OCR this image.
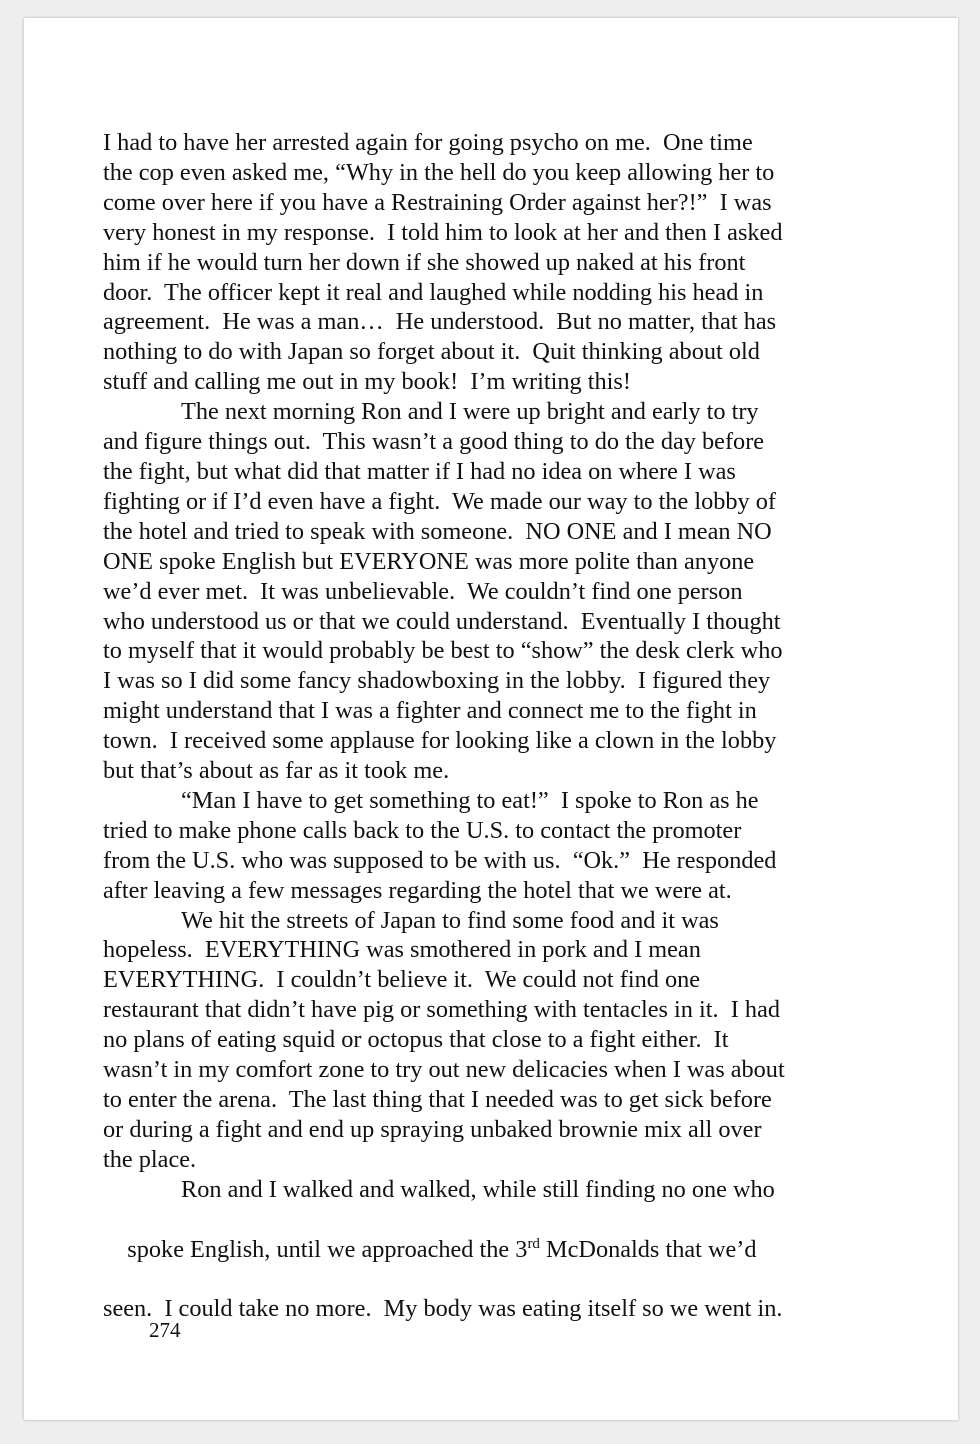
I had to have her arrested again for going psycho on me.  One time
the cop even asked me, “Why in the hell do you keep allowing her to
come over here if you have a Restraining Order against her?!”  I was
very honest in my response.  I told him to look at her and then I asked
him if he would turn her down if she showed up naked at his front
door.  The officer kept it real and laughed while nodding his head in
agreement.  He was a man…  He understood.  But no matter, that has
nothing to do with Japan so forget about it.  Quit thinking about old
stuff and calling me out in my book!  I’m writing this!
The next morning Ron and I were up bright and early to try
and figure things out.  This wasn’t a good thing to do the day before
the fight, but what did that matter if I had no idea on where I was
fighting or if I’d even have a fight.  We made our way to the lobby of
the hotel and tried to speak with someone.  NO ONE and I mean NO
ONE spoke English but EVERYONE was more polite than anyone
we’d ever met.  It was unbelievable.  We couldn’t find one person
who understood us or that we could understand.  Eventually I thought
to myself that it would probably be best to “show” the desk clerk who
I was so I did some fancy shadowboxing in the lobby.  I figured they
might understand that I was a fighter and connect me to the fight in
town.  I received some applause for looking like a clown in the lobby
but that’s about as far as it took me.
“Man I have to get something to eat!”  I spoke to Ron as he
tried to make phone calls back to the U.S. to contact the promoter
from the U.S. who was supposed to be with us.  “Ok.”  He responded
after leaving a few messages regarding the hotel that we were at.
We hit the streets of Japan to find some food and it was
hopeless.  EVERYTHING was smothered in pork and I mean
EVERYTHING.  I couldn’t believe it.  We could not find one
restaurant that didn’t have pig or something with tentacles in it.  I had
no plans of eating squid or octopus that close to a fight either.  It
wasn’t in my comfort zone to try out new delicacies when I was about
to enter the arena.  The last thing that I needed was to get sick before
or during a fight and end up spraying unbaked brownie mix all over
the place.
Ron and I walked and walked, while still finding no one who

spoke English, until we approached the 3rd McDonalds that we’d

seen.  I could take no more.  My body was eating itself so we went in.
274
